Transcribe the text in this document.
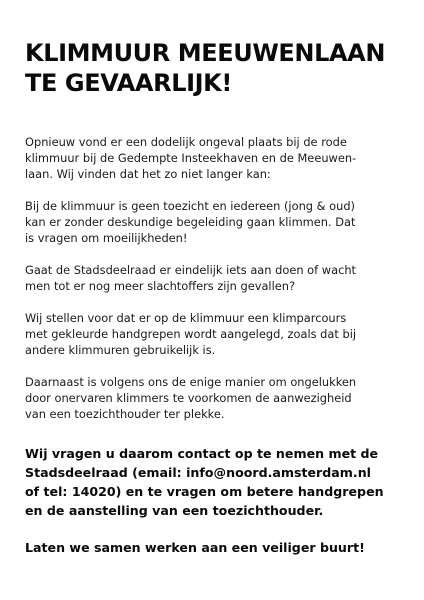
KLIMMUUR MEEUWENLAAN
TE GEVAARLIJK!

Opnieuw vond er een dodelijk ongeval plaats bij de rode
klimmuur bij de Gedempte Insteekhaven en de Meeuwen-
laan. Wij vinden dat het zo niet langer kan:

Bij de klimmuur is geen toezicht en iedereen (jong & oud)
kan er zonder deskundige begeleiding gaan klimmen. Dat
is vragen om moeilijkheden!

Gaat de Stadsdeelraad er eindelijk iets aan doen of wacht
men tot er nog meer slachtoffers zijn gevallen?

Wij stellen voor dat er op de klimmuur een klimparcours
met gekleurde handgrepen wordt aangelegd, zoals dat bij
andere klimmuren gebruikelijk is.

Daarnaast is volgens ons de enige manier om ongelukken
door onervaren klimmers te voorkomen de aanwezigheid
van een toezichthouder ter plekke.

Wij vragen u daarom contact op te nemen met de
Stadsdeelraad (email: info@noord.amsterdam.nl
of tel: 14020) en te vragen om betere handgrepen
en de aanstelling van een toezichthouder.

Laten we samen werken aan een veiliger buurt!
